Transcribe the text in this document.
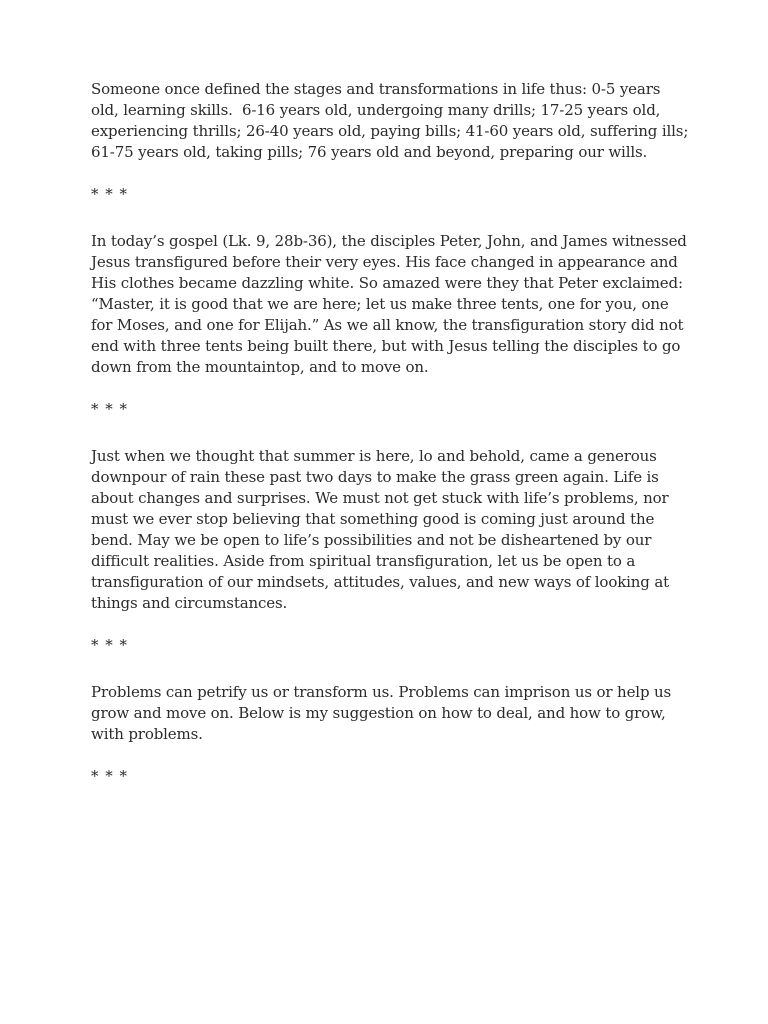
Someone once defined the stages and transformations in life thus: 0-5 years old, learning skills.  6-16 years old, undergoing many drills; 17-25 years old, experiencing thrills; 26-40 years old, paying bills; 41-60 years old, suffering ills; 61-75 years old, taking pills; 76 years old and beyond, preparing our wills.

* * *

In today’s gospel (Lk. 9, 28b-36), the disciples Peter, John, and James witnessed Jesus transfigured before their very eyes. His face changed in appearance and His clothes became dazzling white. So amazed were they that Peter exclaimed: “Master, it is good that we are here; let us make three tents, one for you, one for Moses, and one for Elijah.” As we all know, the transfiguration story did not end with three tents being built there, but with Jesus telling the disciples to go down from the mountaintop, and to move on.

* * *

Just when we thought that summer is here, lo and behold, came a generous downpour of rain these past two days to make the grass green again. Life is about changes and surprises. We must not get stuck with life’s problems, nor must we ever stop believing that something good is coming just around the bend. May we be open to life’s possibilities and not be disheartened by our difficult realities. Aside from spiritual transfiguration, let us be open to a transfiguration of our mindsets, attitudes, values, and new ways of looking at things and circumstances.

* * *

Problems can petrify us or transform us. Problems can imprison us or help us grow and move on. Below is my suggestion on how to deal, and how to grow, with problems.

* * *
